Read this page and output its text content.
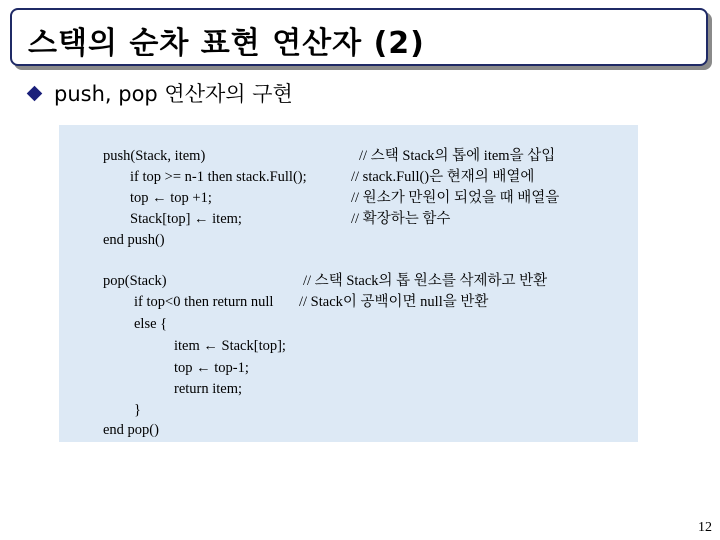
스택의 순차 표현 연산자 (2)
push, pop 연산자의 구현
push(Stack, item)	// 스택 Stack의 톱에 item을 삽입
if top >= n-1 then stack.Full();	// stack.Full()은 현재의 배열에
top ← top +1;	// 원소가 만원이 되었을 때 배열을
Stack[top] ← item;	// 확장하는 함수
end push()
pop(Stack)	// 스택 Stack의 톱 원소를 삭제하고 반환
if top<0 then return null // Stack이 공백이면 null을 반환
else {
item ← Stack[top];
top ← top-1;
return item;
}
end pop()
12
